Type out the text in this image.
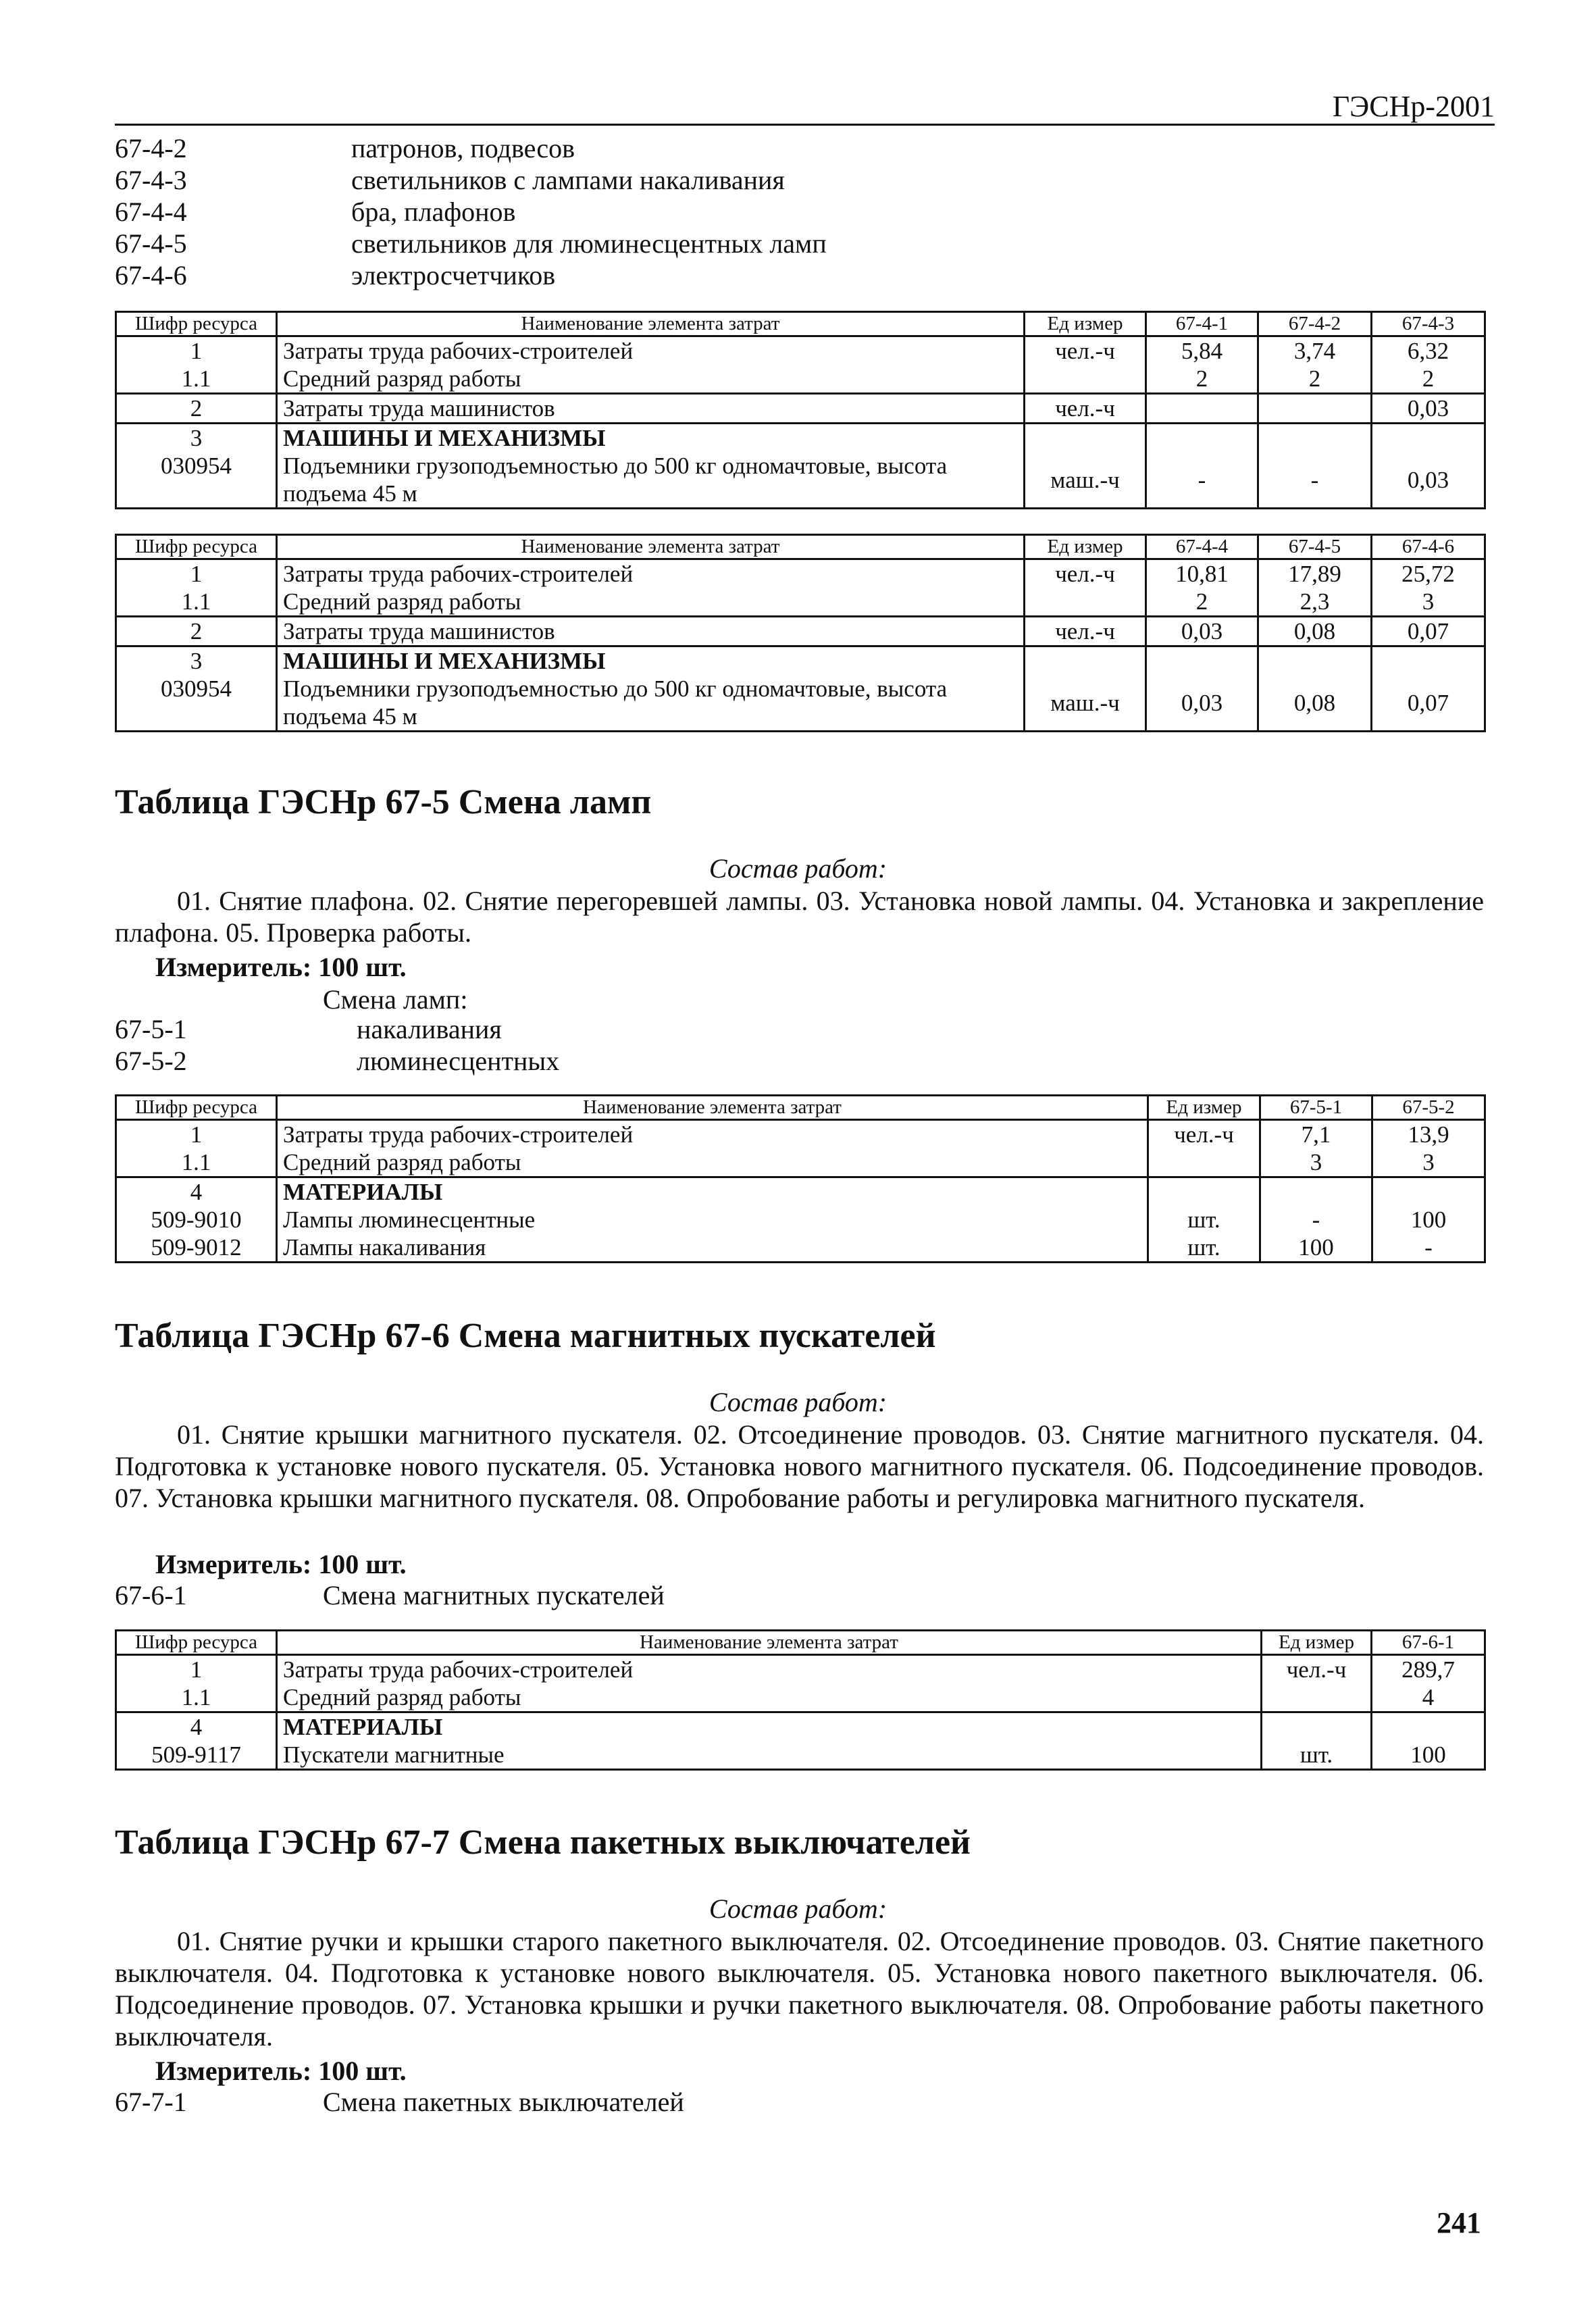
ГЭСНр-2001
67-4-2	патронов, подвесов
67-4-3	светильников с лампами накаливания
67-4-4	бра, плафонов
67-4-5	светильников для люминесцентных ламп
67-4-6	электросчетчиков
Шифр ресурса	Наименование элемента затрат	Ед измер	67-4-1	67-4-2	67-4-3
1	Затраты труда рабочих-строителей	чел.-ч	5,84	3,74	6,32
1.1	Средний разряд работы		2	2	2
2	Затраты труда машинистов	чел.-ч			0,03
3	МАШИНЫ И МЕХАНИЗМЫ				
030954	Подъемники грузоподъемностью до 500 кг одномачтовые, высота подъема 45 м	маш.-ч	-	-	0,03
Шифр ресурса	Наименование элемента затрат	Ед измер	67-4-4	67-4-5	67-4-6
1	Затраты труда рабочих-строителей	чел.-ч	10,81	17,89	25,72
1.1	Средний разряд работы		2	2,3	3
2	Затраты труда машинистов	чел.-ч	0,03	0,08	0,07
3	МАШИНЫ И МЕХАНИЗМЫ				
030954	Подъемники грузоподъемностью до 500 кг одномачтовые, высота подъема 45 м	маш.-ч	0,03	0,08	0,07
Таблица ГЭСНр 67-5 Смена ламп
Состав работ:
01. Снятие плафона. 02. Снятие перегоревшей лампы. 03. Установка новой лампы. 04. Установка и закрепление плафона. 05. Проверка работы.
Измеритель: 100 шт.
Смена ламп:
67-5-1	накаливания
67-5-2	люминесцентных
Шифр ресурса	Наименование элемента затрат	Ед измер	67-5-1	67-5-2
1	Затраты труда рабочих-строителей	чел.-ч	7,1	13,9
1.1	Средний разряд работы		3	3
4	МАТЕРИАЛЫ			
509-9010	Лампы люминесцентные	шт.	-	100
509-9012	Лампы накаливания	шт.	100	-
Таблица ГЭСНр 67-6 Смена магнитных пускателей
Состав работ:
01. Снятие крышки магнитного пускателя. 02. Отсоединение проводов. 03. Снятие магнитного пускателя. 04. Подготовка к установке нового пускателя. 05. Установка нового магнитного пускателя. 06. Подсоединение проводов. 07. Установка крышки магнитного пускателя. 08. Опробование работы и регулировка магнитного пускателя.
Измеритель: 100 шт.
67-6-1	Смена магнитных пускателей
Шифр ресурса	Наименование элемента затрат	Ед измер	67-6-1
1	Затраты труда рабочих-строителей	чел.-ч	289,7
1.1	Средний разряд работы		4
4	МАТЕРИАЛЫ		
509-9117	Пускатели магнитные	шт.	100
Таблица ГЭСНр 67-7 Смена пакетных выключателей
Состав работ:
01. Снятие ручки и крышки старого пакетного выключателя. 02. Отсоединение проводов. 03. Снятие пакетного выключателя. 04. Подготовка к установке нового выключателя. 05. Установка нового пакетного выключателя. 06. Подсоединение проводов. 07. Установка крышки и ручки пакетного выключателя. 08. Опробование работы пакетного выключателя.
Измеритель: 100 шт.
67-7-1	Смена пакетных выключателей
241
